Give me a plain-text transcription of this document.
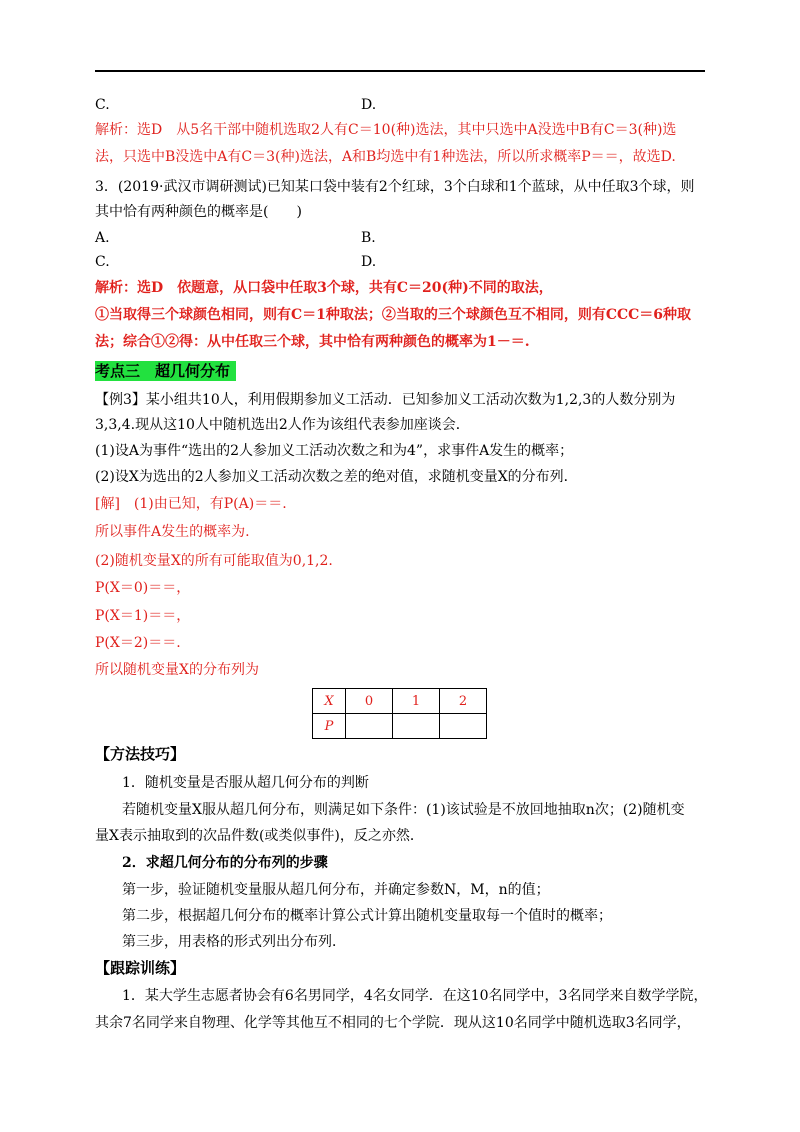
C.	D.
解析：选D　从5名干部中随机选取2人有C＝10(种)选法，其中只选中A没选中B有C＝3(种)选
法，只选中B没选中A有C＝3(种)选法，A和B均选中有1种选法，所以所求概率P＝＝，故选D.
3．(2019·武汉市调研测试)已知某口袋中装有2个红球，3个白球和1个蓝球，从中任取3个球，则
其中恰有两种颜色的概率是(　　)
A.	B.
C.	D.
解析：选D　依题意，从口袋中任取3个球，共有C＝20(种)不同的取法，
①当取得三个球颜色相同，则有C＝1种取法；②当取的三个球颜色互不相同，则有CCC＝6种取
法；综合①②得：从中任取三个球，其中恰有两种颜色的概率为1－＝.
考点三　超几何分布
【例3】某小组共10人，利用假期参加义工活动．已知参加义工活动次数为1,2,3的人数分别为
3,3,4.现从这10人中随机选出2人作为该组代表参加座谈会．
(1)设A为事件“选出的2人参加义工活动次数之和为4”，求事件A发生的概率；
(2)设X为选出的2人参加义工活动次数之差的绝对值，求随机变量X的分布列．
[解]　(1)由已知，有P(A)＝＝.
所以事件A发生的概率为.
(2)随机变量X的所有可能取值为0,1,2.
P(X＝0)＝＝，
P(X＝1)＝＝，
P(X＝2)＝＝.
所以随机变量X的分布列为
X	0	1	2
P			
【方法技巧】
1．随机变量是否服从超几何分布的判断
若随机变量X服从超几何分布，则满足如下条件：(1)该试验是不放回地抽取n次；(2)随机变
量X表示抽取到的次品件数(或类似事件)，反之亦然．
2．求超几何分布的分布列的步骤
第一步，验证随机变量服从超几何分布，并确定参数N，M，n的值；
第二步，根据超几何分布的概率计算公式计算出随机变量取每一个值时的概率；
第三步，用表格的形式列出分布列．
【跟踪训练】
1．某大学生志愿者协会有6名男同学，4名女同学．在这10名同学中，3名同学来自数学学院，
其余7名同学来自物理、化学等其他互不相同的七个学院．现从这10名同学中随机选取3名同学，
